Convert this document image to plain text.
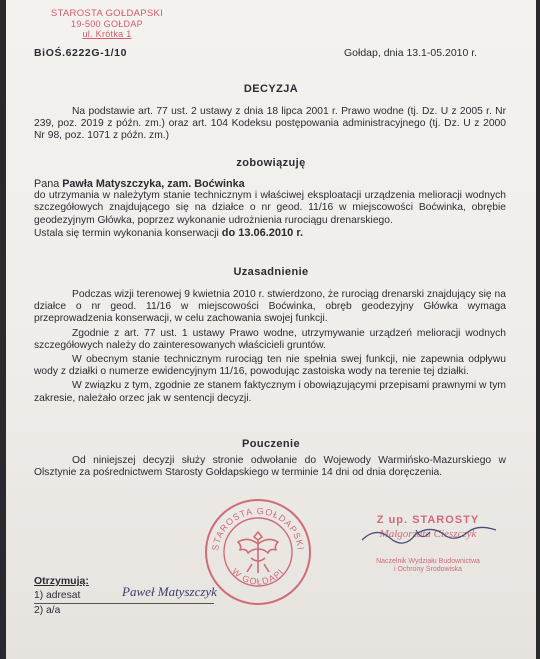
STAROSTA GOŁDAPSKI
19-500 GOŁDAP
ul. Krótka 1
BiOŚ.6222G-1/10	Gołdap, dnia 13.1-05.2010 r.
DECYZJA
Na podstawie art. 77 ust. 2 ustawy z dnia 18 lipca 2001 r. Prawo wodne (tj. Dz. U z 2005 r. Nr 239, poz. 2019 z późn. zm.) oraz art. 104 Kodeksu postępowania administracyjnego (tj. Dz. U z 2000 Nr 98, poz. 1071 z późn. zm.)
zobowiązuję

Pana Pawła Matyszczyka, zam. Boćwinka

do utrzymania w należytym stanie technicznym i właściwej eksploatacji urządzenia melioracji wodnych szczegółowych znajdującego się na działce o nr geod. 11/16 w miejscowości Boćwinka, obrębie geodezyjnym Główka, poprzez wykonanie udrożnienia rurociągu drenarskiego.

Ustala się termin wykonania konserwacji do 13.06.2010 r.

Uzasadnienie

Podczas wizji terenowej 9 kwietnia 2010 r. stwierdzono, że rurociąg drenarski znajdujący się na działce o nr geod. 11/16 w miejscowości Boćwinka, obręb geodezyjny Główka wymaga przeprowadzenia konserwacji, w celu zachowania swojej funkcji.

Zgodnie z art. 77 ust. 1 ustawy Prawo wodne, utrzymywanie urządzeń melioracji wodnych szczegółowych należy do zainteresowanych właścicieli gruntów.

W obecnym stanie technicznym rurociąg ten nie spełnia swej funkcji, nie zapewnia odpływu wody z działki o numerze ewidencyjnym 11/16, powodując zastoiska wody na terenie tej działki.

W związku z tym, zgodnie ze stanem faktycznym i obowiązującymi przepisami prawnymi w tym zakresie, należało orzec jak w sentencji decyzji.

Pouczenie
Od niniejszej decyzji służy stronie odwołanie do Wojewody Warmińsko-Mazurskiego w Olsztynie za pośrednictwem Starosty Gołdapskiego w terminie 14 dni od dnia doręczenia.
STAROSTA GOŁDAPSKI
W GOŁDAPI
Z up. STAROSTY
Małgorzata Cieszczyk
Naczelnik Wydziału Budownictwa
i Ochrony Środowiska
Otrzymują:
1) adresat	Paweł Matyszczyk
2) a/a
